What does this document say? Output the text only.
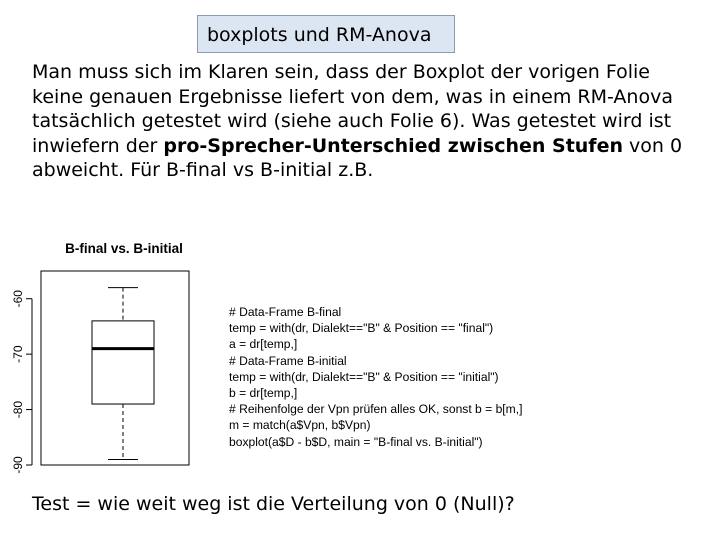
boxplots und RM-Anova
Man muss sich im Klaren sein, dass der Boxplot der vorigen Folie keine genauen Ergebnisse liefert von dem, was in einem RM-Anova tatsächlich getestet wird (siehe auch Folie 6). Was getestet wird ist inwiefern der pro-Sprecher-Unterschied zwischen Stufen von 0 abweicht. Für B-final vs B-initial z.B.
B-final vs. B-initial
-90
-80
-70
-60
# Data-Frame B-final
temp = with(dr, Dialekt=="B" & Position == "final")
a = dr[temp,]
# Data-Frame B-initial
temp = with(dr, Dialekt=="B" & Position == "initial")
b = dr[temp,]
# Reihenfolge der Vpn prüfen alles OK, sonst b = b[m,]
m = match(a$Vpn, b$Vpn)
boxplot(a$D - b$D, main = "B-final vs. B-initial")
Test = wie weit weg ist die Verteilung von 0 (Null)?
